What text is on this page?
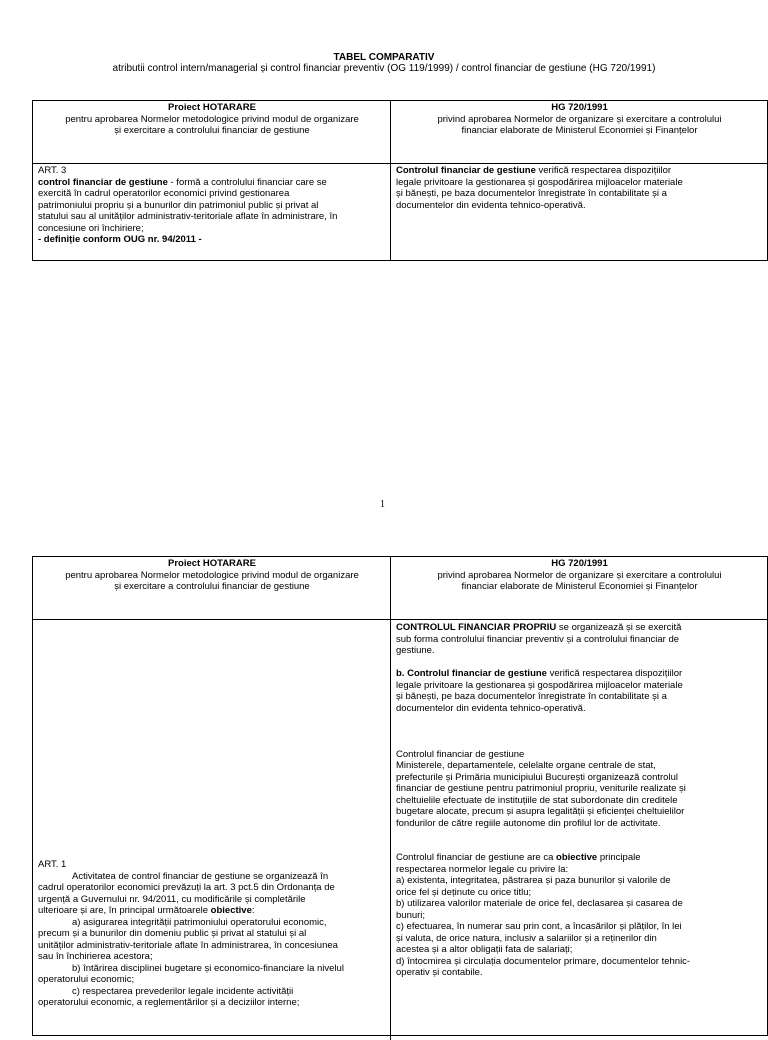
TABEL COMPARATIV
atributii control intern/managerial și control financiar preventiv (OG 119/1999) / control financiar de gestiune (HG 720/1991)

Proiect HOTARARE

pentru aprobarea Normelor metodologice privind modul de organizare

și exercitare a controlului financiar de gestiune

HG 720/1991

privind aprobarea Normelor de organizare și exercitare a controlului

financiar elaborate de Ministerul Economiei și Finanțelor

ART. 3

control financiar de gestiune - formă a controlului financiar care se

exercită în cadrul operatorilor economici privind gestionarea

patrimoniului propriu și a bunurilor din patrimoniul public și privat al

statului sau al unităților administrativ-teritoriale aflate în administrare, în

concesiune ori închiriere;

- definiție conform OUG nr. 94/2011 -

Controlul financiar de gestiune verifică respectarea dispozițiilor

legale privitoare la gestionarea și gospodărirea mijloacelor materiale

și bănești, pe baza documentelor înregistrate în contabilitate și a

documentelor din evidenta tehnico-operativă.

1

Proiect HOTARARE

pentru aprobarea Normelor metodologice privind modul de organizare

și exercitare a controlului financiar de gestiune

HG 720/1991

privind aprobarea Normelor de organizare și exercitare a controlului

financiar elaborate de Ministerul Economiei și Finanțelor

ART. 1

Activitatea de control financiar de gestiune se organizează în

cadrul operatorilor economici prevăzuți la art. 3 pct.5 din Ordonanța de

urgență a Guvernului nr. 94/2011, cu modificările și completările

ulterioare și are, în principal următoarele obiective:

a) asigurarea integrității patrimoniului operatorului economic,

precum și a bunurilor din domeniu public și privat al statului și al

unităților administrativ-teritoriale aflate în administrarea, în concesiunea

sau în închirierea acestora;

b) întărirea disciplinei bugetare și economico-financiare la nivelul

operatorului economic;

c) respectarea prevederilor legale incidente activității

operatorului economic, a reglementărilor și a deciziilor interne;

CONTROLUL FINANCIAR PROPRIU se organizează și se exercită

sub forma controlului financiar preventiv și a controlului financiar de

gestiune.

b. Controlul financiar de gestiune verifică respectarea dispozițiilor

legale privitoare la gestionarea și gospodărirea mijloacelor materiale

și bănești, pe baza documentelor înregistrate în contabilitate și a

documentelor din evidenta tehnico-operativă.

Controlul financiar de gestiune

Ministerele, departamentele, celelalte organe centrale de stat,

prefecturile și Primăria municipiului București organizează controlul

financiar de gestiune pentru patrimoniul propriu, veniturile realizate și

cheltuielile efectuate de instituțiile de stat subordonate din creditele

bugetare alocate, precum și asupra legalității și eficienței cheltuielilor

fondurilor de către regiile autonome din profilul lor de activitate.

Controlul financiar de gestiune are ca obiective principale

respectarea normelor legale cu privire la:

a) existenta, integritatea, păstrarea și paza bunurilor și valorile de

orice fel și deținute cu orice titlu;

b) utilizarea valorilor materiale de orice fel, declasarea și casarea de

bunuri;

c) efectuarea, în numerar sau prin cont, a încasărilor și plăților, în lei

și valuta, de orice natura, inclusiv a salariilor și a reținerilor din

acestea și a altor obligații fata de salariați;

d) întocmirea și circulația documentelor primare, documentelor tehnic-

operativ și contabile.
